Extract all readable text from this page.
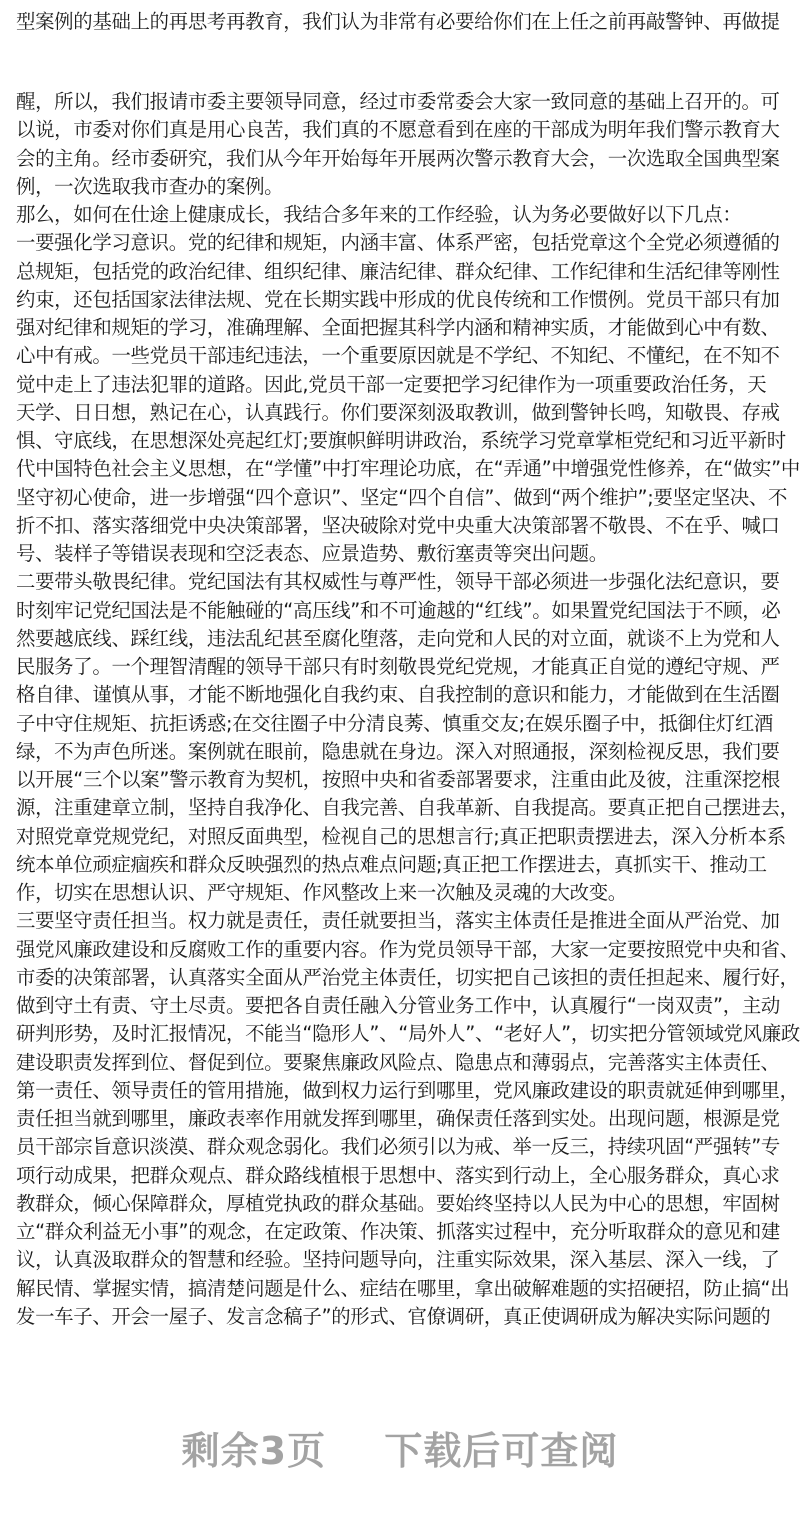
型案例的基础上的再思考再教育，我们认为非常有必要给你们在上任之前再敲警钟、再做提
醒，所以，我们报请市委主要领导同意，经过市委常委会大家一致同意的基础上召开的。可
以说，市委对你们真是用心良苦，我们真的不愿意看到在座的干部成为明年我们警示教育大
会的主角。经市委研究，我们从今年开始每年开展两次警示教育大会，一次选取全国典型案
例，一次选取我市查办的案例。
那么，如何在仕途上健康成长，我结合多年来的工作经验，认为务必要做好以下几点：
一要强化学习意识。党的纪律和规矩，内涵丰富、体系严密，包括党章这个全党必须遵循的
总规矩，包括党的政治纪律、组织纪律、廉洁纪律、群众纪律、工作纪律和生活纪律等刚性
约束，还包括国家法律法规、党在长期实践中形成的优良传统和工作惯例。党员干部只有加
强对纪律和规矩的学习，准确理解、全面把握其科学内涵和精神实质，才能做到心中有数、
心中有戒。一些党员干部违纪违法，一个重要原因就是不学纪、不知纪、不懂纪，在不知不
觉中走上了违法犯罪的道路。因此,党员干部一定要把学习纪律作为一项重要政治任务，天
天学、日日想，熟记在心，认真践行。你们要深刻汲取教训，做到警钟长鸣，知敬畏、存戒
惧、守底线，在思想深处亮起红灯;要旗帜鲜明讲政治，系统学习党章掌柜党纪和习近平新时
代中国特色社会主义思想，在“学懂”中打牢理论功底，在“弄通”中增强党性修养，在“做实”中
坚守初心使命，进一步增强“四个意识”、坚定“四个自信”、做到“两个维护”;要坚定坚决、不
折不扣、落实落细党中央决策部署，坚决破除对党中央重大决策部署不敬畏、不在乎、喊口
号、装样子等错误表现和空泛表态、应景造势、敷衍塞责等突出问题。
二要带头敬畏纪律。党纪国法有其权威性与尊严性，领导干部必须进一步强化法纪意识，要
时刻牢记党纪国法是不能触碰的“高压线”和不可逾越的“红线”。如果置党纪国法于不顾，必
然要越底线、踩红线，违法乱纪甚至腐化堕落，走向党和人民的对立面，就谈不上为党和人
民服务了。一个理智清醒的领导干部只有时刻敬畏党纪党规，才能真正自觉的遵纪守规、严
格自律、谨慎从事，才能不断地强化自我约束、自我控制的意识和能力，才能做到在生活圈
子中守住规矩、抗拒诱惑;在交往圈子中分清良莠、慎重交友;在娱乐圈子中，抵御住灯红酒
绿，不为声色所迷。案例就在眼前，隐患就在身边。深入对照通报，深刻检视反思，我们要
以开展“三个以案”警示教育为契机，按照中央和省委部署要求，注重由此及彼，注重深挖根
源，注重建章立制，坚持自我净化、自我完善、自我革新、自我提高。要真正把自己摆进去，
对照党章党规党纪，对照反面典型，检视自己的思想言行;真正把职责摆进去，深入分析本系
统本单位顽症痼疾和群众反映强烈的热点难点问题;真正把工作摆进去，真抓实干、推动工
作，切实在思想认识、严守规矩、作风整改上来一次触及灵魂的大改变。
三要坚守责任担当。权力就是责任，责任就要担当，落实主体责任是推进全面从严治党、加
强党风廉政建设和反腐败工作的重要内容。作为党员领导干部，大家一定要按照党中央和省、
市委的决策部署，认真落实全面从严治党主体责任，切实把自己该担的责任担起来、履行好，
做到守土有责、守土尽责。要把各自责任融入分管业务工作中，认真履行“一岗双责”，主动
研判形势，及时汇报情况，不能当“隐形人”、“局外人”、“老好人”，切实把分管领域党风廉政
建设职责发挥到位、督促到位。要聚焦廉政风险点、隐患点和薄弱点，完善落实主体责任、
第一责任、领导责任的管用措施，做到权力运行到哪里，党风廉政建设的职责就延伸到哪里，
责任担当就到哪里，廉政表率作用就发挥到哪里，确保责任落到实处。出现问题，根源是党
员干部宗旨意识淡漠、群众观念弱化。我们必须引以为戒、举一反三，持续巩固“严强转”专
项行动成果，把群众观点、群众路线植根于思想中、落实到行动上，全心服务群众，真心求
教群众，倾心保障群众，厚植党执政的群众基础。要始终坚持以人民为中心的思想，牢固树
立“群众利益无小事”的观念，在定政策、作决策、抓落实过程中，充分听取群众的意见和建
议，认真汲取群众的智慧和经验。坚持问题导向，注重实际效果，深入基层、深入一线，了
解民情、掌握实情，搞清楚问题是什么、症结在哪里，拿出破解难题的实招硬招，防止搞“出
发一车子、开会一屋子、发言念稿子”的形式、官僚调研，真正使调研成为解决实际问题的
剩余3页 下载后可查阅
